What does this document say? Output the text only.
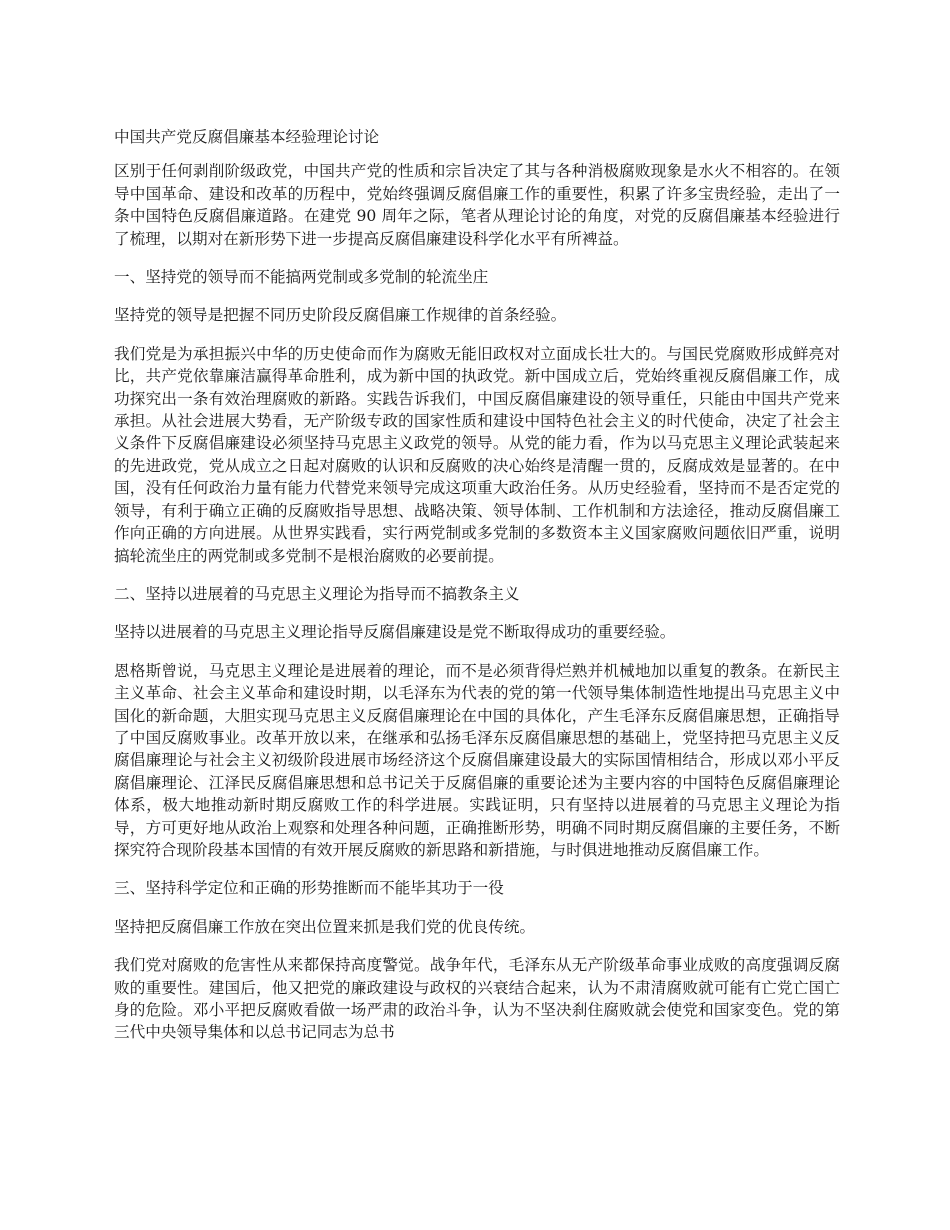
中国共产党反腐倡廉基本经验理论讨论

区别于任何剥削阶级政党，中国共产党的性质和宗旨决定了其与各种消极腐败现象是水火不相容的。在领导中国革命、建设和改革的历程中，党始终强调反腐倡廉工作的重要性，积累了许多宝贵经验，走出了一条中国特色反腐倡廉道路。在建党 90 周年之际，笔者从理论讨论的角度，对党的反腐倡廉基本经验进行了梳理，以期对在新形势下进一步提高反腐倡廉建设科学化水平有所裨益。

一、坚持党的领导而不能搞两党制或多党制的轮流坐庄

坚持党的领导是把握不同历史阶段反腐倡廉工作规律的首条经验。

我们党是为承担振兴中华的历史使命而作为腐败无能旧政权对立面成长壮大的。与国民党腐败形成鲜亮对比，共产党依靠廉洁赢得革命胜利，成为新中国的执政党。新中国成立后，党始终重视反腐倡廉工作，成功探究出一条有效治理腐败的新路。实践告诉我们，中国反腐倡廉建设的领导重任，只能由中国共产党来承担。从社会进展大势看，无产阶级专政的国家性质和建设中国特色社会主义的时代使命，决定了社会主义条件下反腐倡廉建设必须坚持马克思主义政党的领导。从党的能力看，作为以马克思主义理论武装起来的先进政党，党从成立之日起对腐败的认识和反腐败的决心始终是清醒一贯的，反腐成效是显著的。在中国，没有任何政治力量有能力代替党来领导完成这项重大政治任务。从历史经验看，坚持而不是否定党的领导，有利于确立正确的反腐败指导思想、战略决策、领导体制、工作机制和方法途径，推动反腐倡廉工作向正确的方向进展。从世界实践看，实行两党制或多党制的多数资本主义国家腐败问题依旧严重，说明搞轮流坐庄的两党制或多党制不是根治腐败的必要前提。

二、坚持以进展着的马克思主义理论为指导而不搞教条主义

坚持以进展着的马克思主义理论指导反腐倡廉建设是党不断取得成功的重要经验。

恩格斯曾说，马克思主义理论是进展着的理论，而不是必须背得烂熟并机械地加以重复的教条。在新民主主义革命、社会主义革命和建设时期，以毛泽东为代表的党的第一代领导集体制造性地提出马克思主义中国化的新命题，大胆实现马克思主义反腐倡廉理论在中国的具体化，产生毛泽东反腐倡廉思想，正确指导了中国反腐败事业。改革开放以来，在继承和弘扬毛泽东反腐倡廉思想的基础上，党坚持把马克思主义反腐倡廉理论与社会主义初级阶段进展市场经济这个反腐倡廉建设最大的实际国情相结合，形成以邓小平反腐倡廉理论、江泽民反腐倡廉思想和总书记关于反腐倡廉的重要论述为主要内容的中国特色反腐倡廉理论体系，极大地推动新时期反腐败工作的科学进展。实践证明，只有坚持以进展着的马克思主义理论为指导，方可更好地从政治上观察和处理各种问题，正确推断形势，明确不同时期反腐倡廉的主要任务，不断探究符合现阶段基本国情的有效开展反腐败的新思路和新措施，与时俱进地推动反腐倡廉工作。

三、坚持科学定位和正确的形势推断而不能毕其功于一役

坚持把反腐倡廉工作放在突出位置来抓是我们党的优良传统。

我们党对腐败的危害性从来都保持高度警觉。战争年代，毛泽东从无产阶级革命事业成败的高度强调反腐败的重要性。建国后，他又把党的廉政建设与政权的兴衰结合起来，认为不肃清腐败就可能有亡党亡国亡身的危险。邓小平把反腐败看做一场严肃的政治斗争，认为不坚决刹住腐败就会使党和国家变色。党的第三代中央领导集体和以总书记同志为总书
